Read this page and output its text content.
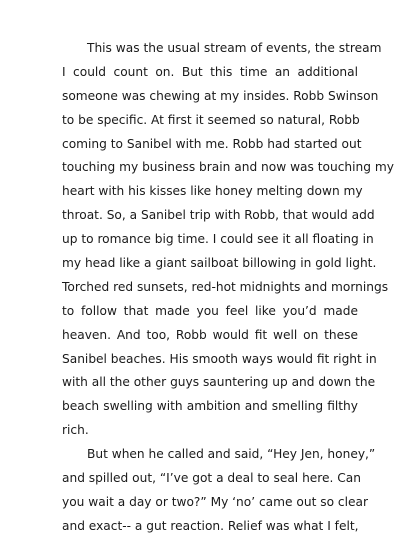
This was the usual stream of events, the stream
I could count on. But this time an additional
someone was chewing at my insides. Robb Swinson
to be specific. At first it seemed so natural, Robb
coming to Sanibel with me. Robb had started out
touching my business brain and now was touching my
heart with his kisses like honey melting down my
throat. So, a Sanibel trip with Robb, that would add
up to romance big time. I could see it all floating in
my head like a giant sailboat billowing in gold light.
Torched red sunsets, red-hot midnights and mornings
to follow that made you feel like you’d made
heaven. And too, Robb would fit well on these
Sanibel beaches. His smooth ways would fit right in
with all the other guys sauntering up and down the
beach swelling with ambition and smelling filthy
rich.
But when he called and said, “Hey Jen, honey,”
and spilled out, “I’ve got a deal to seal here. Can
you wait a day or two?” My ‘no’ came out so clear
and exact-- a gut reaction. Relief was what I felt,
